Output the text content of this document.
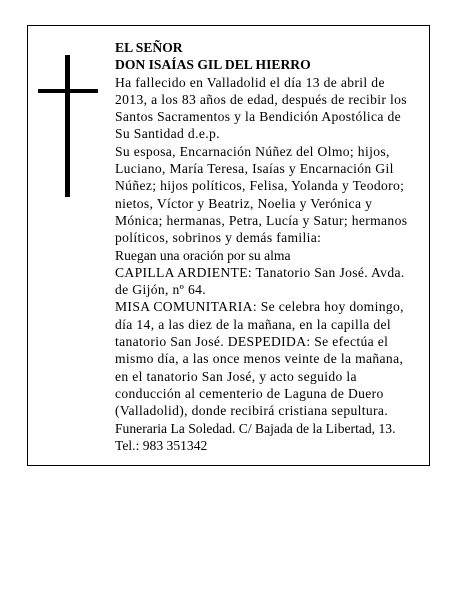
EL SEÑOR

DON ISAÍAS GIL DEL HIERRO

Ha fallecido en Valladolid el día 13 de abril de 2013, a los 83 años de edad, después de recibir los Santos Sacramentos y la Bendición Apostólica de Su Santidad d.e.p.

Su esposa, Encarnación Núñez del Olmo; hijos, Luciano, María Teresa, Isaías y Encarnación Gil Núñez; hijos políticos, Felisa, Yolanda y Teodoro; nietos, Víctor y Beatriz, Noelia y Verónica y Mónica; hermanas, Petra, Lucía y Satur; hermanos políticos, sobrinos y demás familia:

Ruegan una oración por su alma

CAPILLA ARDIENTE: Tanatorio San José. Avda. de Gijón, nº 64.

MISA COMUNITARIA: Se celebra hoy domingo, día 14, a las diez de la mañana, en la capilla del tanatorio San José. DESPEDIDA: Se efectúa el mismo día, a las once menos veinte de la mañana, en el tanatorio San José, y acto seguido la conducción al cementerio de Laguna de Duero (Valladolid), donde recibirá cristiana sepultura.

Funeraria La Soledad. C/ Bajada de la Libertad, 13. Tel.: 983 351342
